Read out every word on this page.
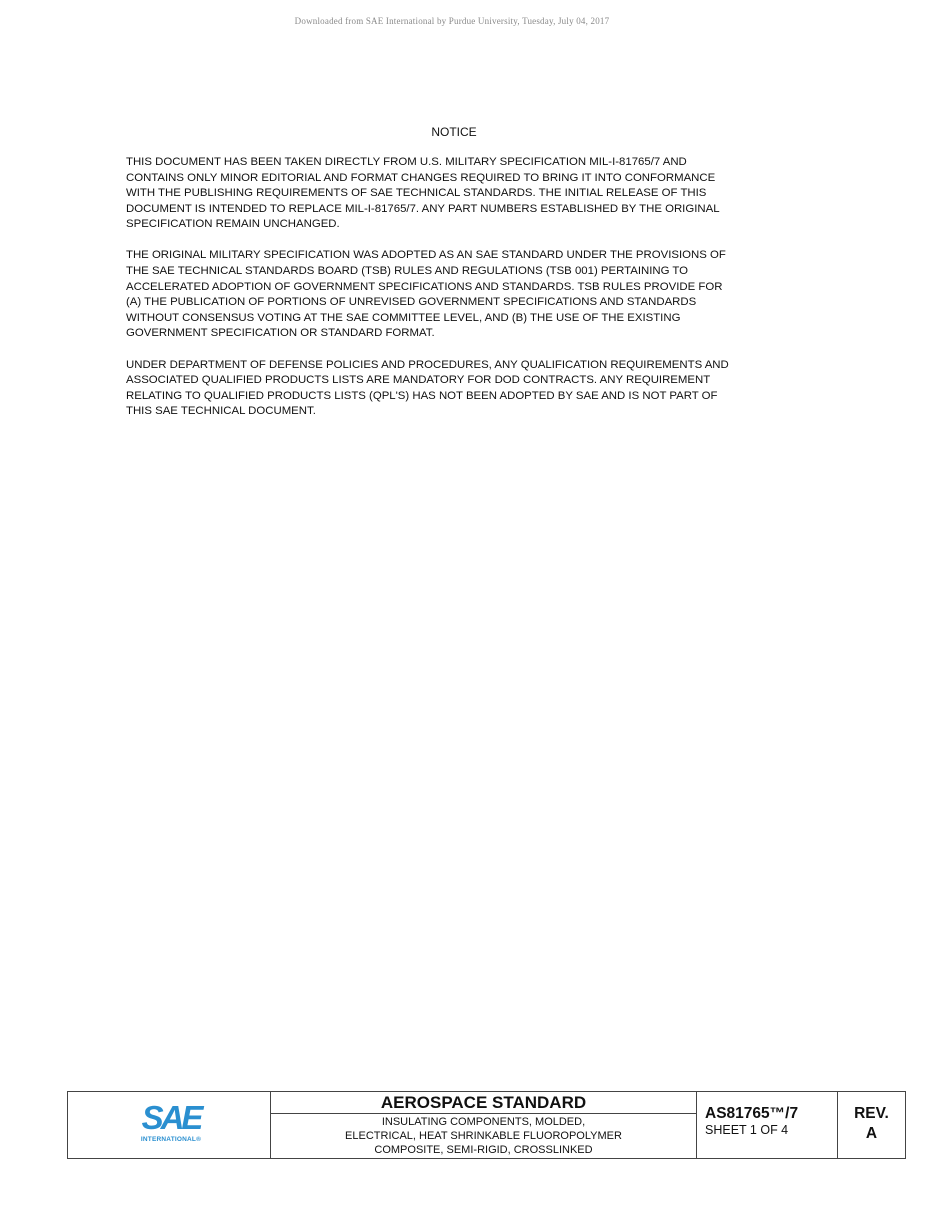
Downloaded from SAE International by Purdue University, Tuesday, July 04, 2017
NOTICE

THIS DOCUMENT HAS BEEN TAKEN DIRECTLY FROM U.S. MILITARY SPECIFICATION MIL-I-81765/7 AND
CONTAINS ONLY MINOR EDITORIAL AND FORMAT CHANGES REQUIRED TO BRING IT INTO CONFORMANCE
WITH THE PUBLISHING REQUIREMENTS OF SAE TECHNICAL STANDARDS. THE INITIAL RELEASE OF THIS
DOCUMENT IS INTENDED TO REPLACE MIL-I-81765/7. ANY PART NUMBERS ESTABLISHED BY THE ORIGINAL
SPECIFICATION REMAIN UNCHANGED.

THE ORIGINAL MILITARY SPECIFICATION WAS ADOPTED AS AN SAE STANDARD UNDER THE PROVISIONS OF
THE SAE TECHNICAL STANDARDS BOARD (TSB) RULES AND REGULATIONS (TSB 001) PERTAINING TO
ACCELERATED ADOPTION OF GOVERNMENT SPECIFICATIONS AND STANDARDS. TSB RULES PROVIDE FOR
(A) THE PUBLICATION OF PORTIONS OF UNREVISED GOVERNMENT SPECIFICATIONS AND STANDARDS
WITHOUT CONSENSUS VOTING AT THE SAE COMMITTEE LEVEL, AND (B) THE USE OF THE EXISTING
GOVERNMENT SPECIFICATION OR STANDARD FORMAT.

UNDER DEPARTMENT OF DEFENSE POLICIES AND PROCEDURES, ANY QUALIFICATION REQUIREMENTS AND
ASSOCIATED QUALIFIED PRODUCTS LISTS ARE MANDATORY FOR DOD CONTRACTS. ANY REQUIREMENT
RELATING TO QUALIFIED PRODUCTS LISTS (QPL'S) HAS NOT BEEN ADOPTED BY SAE AND IS NOT PART OF
THIS SAE TECHNICAL DOCUMENT.

SAE
INTERNATIONAL®
AEROSPACE STANDARD
INSULATING COMPONENTS, MOLDED,
ELECTRICAL, HEAT SHRINKABLE FLUOROPOLYMER
COMPOSITE, SEMI-RIGID, CROSSLINKED
AS81765™/7
SHEET 1 OF 4
REV.
A
